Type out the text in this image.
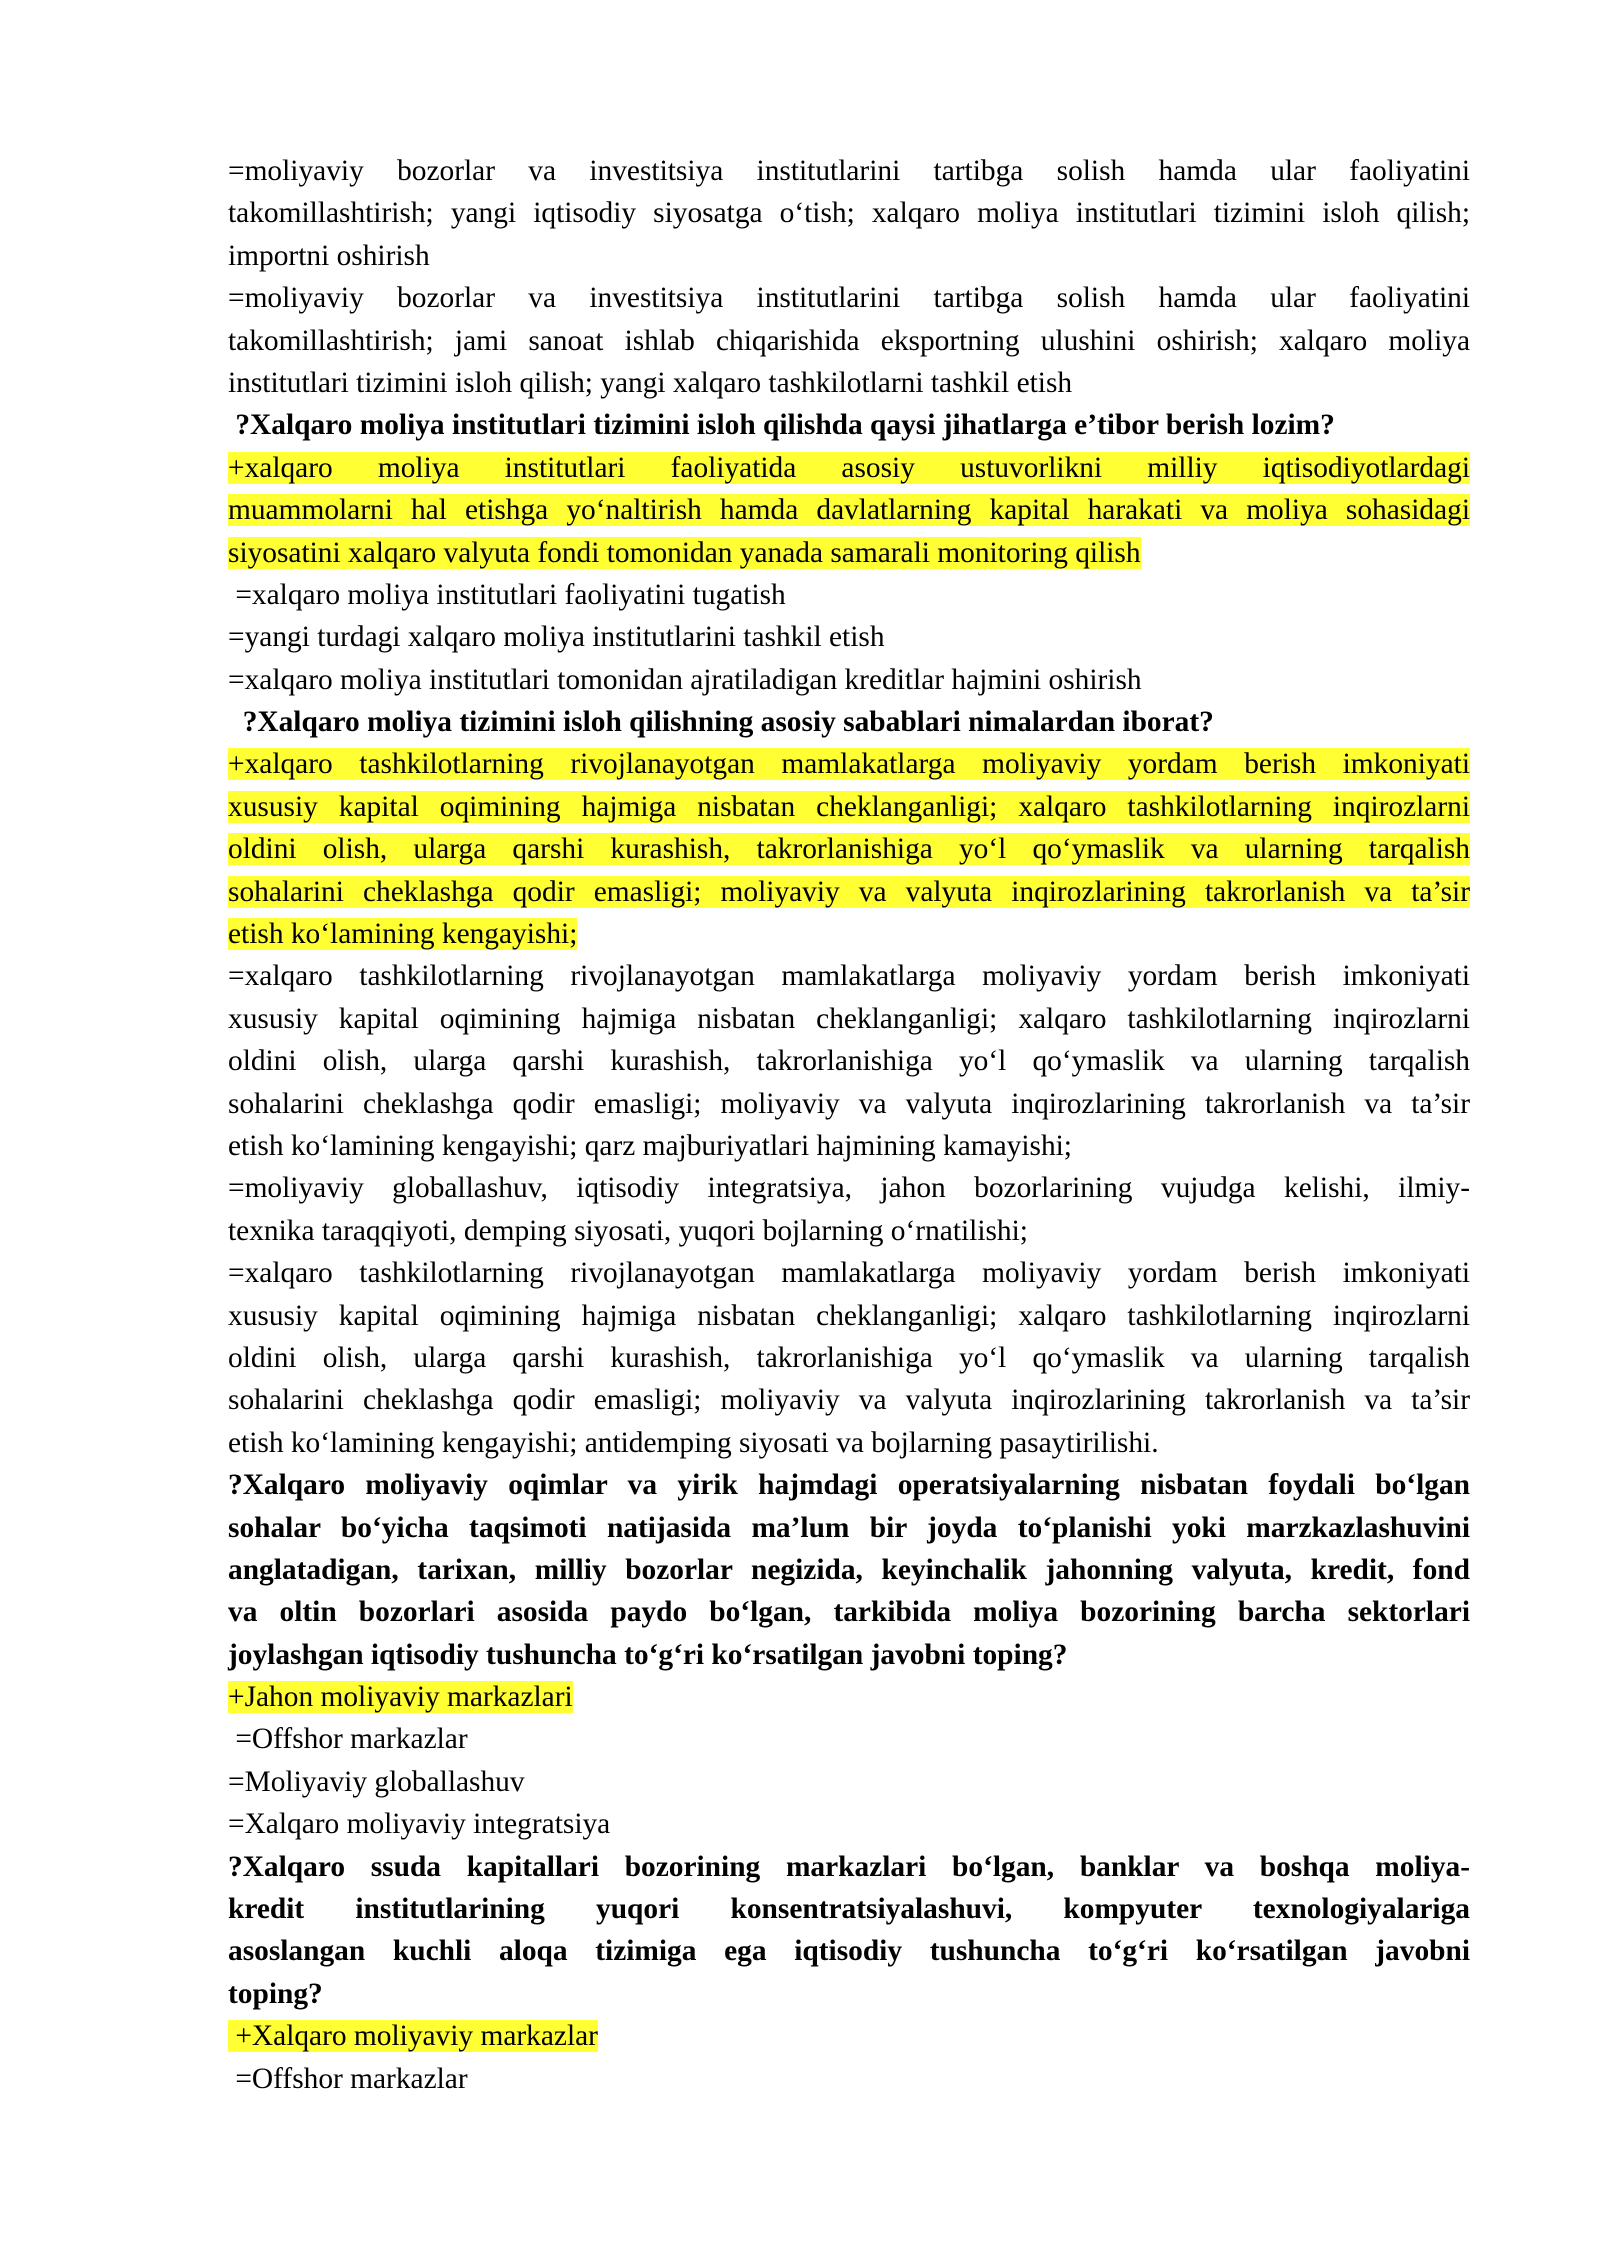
=moliyaviy bozorlar va investitsiya institutlarini tartibga solish hamda ular faoliyatini
takomillashtirish; yangi iqtisodiy siyosatga o‘tish; xalqaro moliya institutlari tizimini isloh qilish;
importni oshirish
=moliyaviy bozorlar va investitsiya institutlarini tartibga solish hamda ular faoliyatini
takomillashtirish; jami sanoat ishlab chiqarishida eksportning ulushini oshirish; xalqaro moliya
institutlari tizimini isloh qilish; yangi xalqaro tashkilotlarni tashkil etish
?Xalqaro moliya institutlari tizimini isloh qilishda qaysi jihatlarga e’tibor berish lozim?
+xalqaro moliya institutlari faoliyatida asosiy ustuvorlikni milliy iqtisodiyotlardagi
muammolarni hal etishga yo‘naltirish hamda davlatlarning kapital harakati va moliya sohasidagi
siyosatini xalqaro valyuta fondi tomonidan yanada samarali monitoring qilish
=xalqaro moliya institutlari faoliyatini tugatish
=yangi turdagi xalqaro moliya institutlarini tashkil etish
=xalqaro moliya institutlari tomonidan ajratiladigan kreditlar hajmini oshirish
?Xalqaro moliya tizimini isloh qilishning asosiy sabablari nimalardan iborat?
+xalqaro tashkilotlarning rivojlanayotgan mamlakatlarga moliyaviy yordam berish imkoniyati
xususiy kapital oqimining hajmiga nisbatan cheklanganligi; xalqaro tashkilotlarning inqirozlarni
oldini olish, ularga qarshi kurashish, takrorlanishiga yo‘l qo‘ymaslik va ularning tarqalish
sohalarini cheklashga qodir emasligi; moliyaviy va valyuta inqirozlarining takrorlanish va ta’sir
etish ko‘lamining kengayishi;
=xalqaro tashkilotlarning rivojlanayotgan mamlakatlarga moliyaviy yordam berish imkoniyati
xususiy kapital oqimining hajmiga nisbatan cheklanganligi; xalqaro tashkilotlarning inqirozlarni
oldini olish, ularga qarshi kurashish, takrorlanishiga yo‘l qo‘ymaslik va ularning tarqalish
sohalarini cheklashga qodir emasligi; moliyaviy va valyuta inqirozlarining takrorlanish va ta’sir
etish ko‘lamining kengayishi; qarz majburiyatlari hajmining kamayishi;
=moliyaviy globallashuv, iqtisodiy integratsiya, jahon bozorlarining vujudga kelishi, ilmiy-
texnika taraqqiyoti, demping siyosati, yuqori bojlarning o‘rnatilishi;
=xalqaro tashkilotlarning rivojlanayotgan mamlakatlarga moliyaviy yordam berish imkoniyati
xususiy kapital oqimining hajmiga nisbatan cheklanganligi; xalqaro tashkilotlarning inqirozlarni
oldini olish, ularga qarshi kurashish, takrorlanishiga yo‘l qo‘ymaslik va ularning tarqalish
sohalarini cheklashga qodir emasligi; moliyaviy va valyuta inqirozlarining takrorlanish va ta’sir
etish ko‘lamining kengayishi; antidemping siyosati va bojlarning pasaytirilishi.
?Xalqaro moliyaviy oqimlar va yirik hajmdagi operatsiyalarning nisbatan foydali bo‘lgan
sohalar bo‘yicha taqsimoti natijasida ma’lum bir joyda to‘planishi yoki marzkazlashuvini
anglatadigan, tarixan, milliy bozorlar negizida, keyinchalik jahonning valyuta, kredit, fond
va oltin bozorlari asosida paydo bo‘lgan, tarkibida moliya bozorining barcha sektorlari
joylashgan iqtisodiy tushuncha to‘g‘ri ko‘rsatilgan javobni toping?
+Jahon moliyaviy markazlari
=Offshor markazlar
=Moliyaviy globallashuv
=Xalqaro moliyaviy integratsiya
?Xalqaro ssuda kapitallari bozorining markazlari bo‘lgan, banklar va boshqa moliya-
kredit institutlarining yuqori konsentratsiyalashuvi, kompyuter texnologiyalariga
asoslangan kuchli aloqa tizimiga ega iqtisodiy tushuncha to‘g‘ri ko‘rsatilgan javobni
toping?
+Xalqaro moliyaviy markazlar
=Offshor markazlar
